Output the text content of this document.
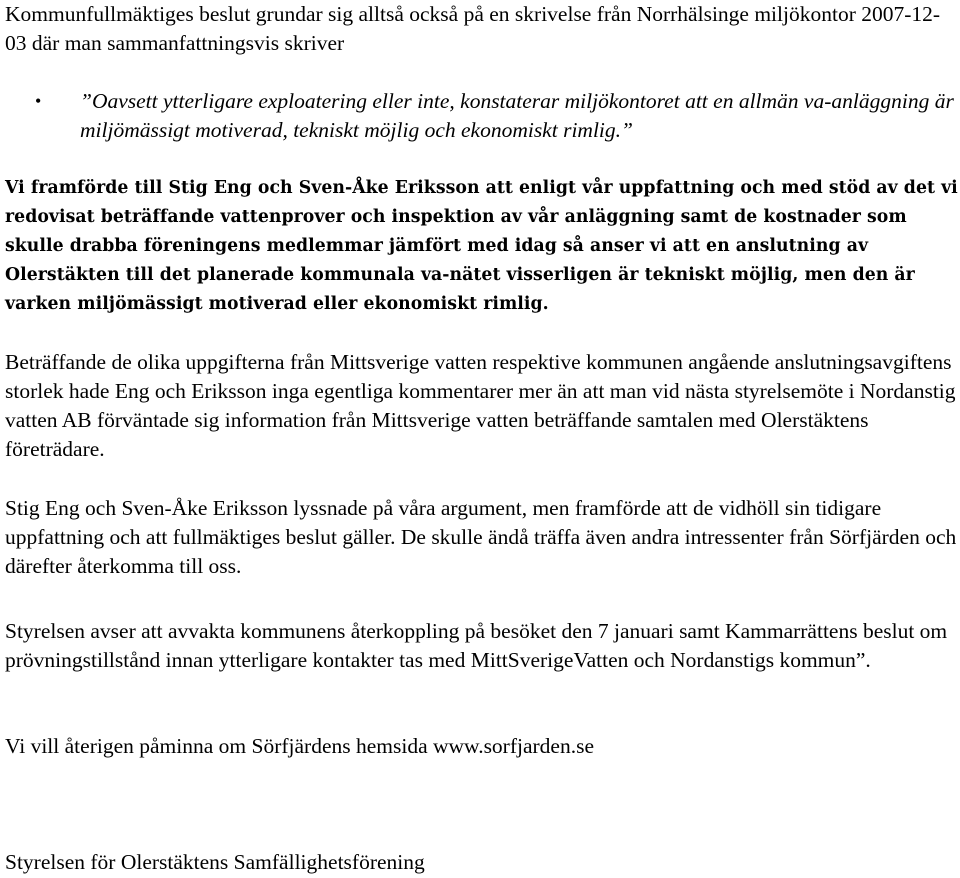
Kommunfullmäktiges beslut grundar sig alltså också på en skrivelse från Norrhälsinge miljökontor 2007-12-03 där man sammanfattningsvis skriver

• ”Oavsett ytterligare exploatering eller inte, konstaterar miljökontoret att en allmän va-anläggning är miljömässigt motiverad, tekniskt möjlig och ekonomiskt rimlig.”

Vi framförde till Stig Eng och Sven-Åke Eriksson att enligt vår uppfattning och med stöd av det vi redovisat beträffande vattenprover och inspektion av vår anläggning samt de kostnader som skulle drabba föreningens medlemmar jämfört med idag så anser vi att en anslutning av Olerstäkten till det planerade kommunala va-nätet visserligen är tekniskt möjlig, men den är varken miljömässigt motiverad eller ekonomiskt rimlig.

Beträffande de olika uppgifterna från Mittsverige vatten respektive kommunen angående anslutningsavgiftens storlek hade Eng och Eriksson inga egentliga kommentarer mer än att man vid nästa styrelsemöte i Nordanstig vatten AB förväntade sig information från Mittsverige vatten beträffande samtalen med Olerstäktens företrädare.

Stig Eng och Sven-Åke Eriksson lyssnade på våra argument, men framförde att de vidhöll sin tidigare uppfattning och att fullmäktiges beslut gäller. De skulle ändå träffa även andra intressenter från Sörfjärden och därefter återkomma till oss.

Styrelsen avser att avvakta kommunens återkoppling på besöket den 7 januari samt Kammarrättens beslut om prövningstillstånd innan ytterligare kontakter tas med MittSverigeVatten och Nordanstigs kommun”.

Vi vill återigen påminna om Sörfjärdens hemsida www.sorfjarden.se

Styrelsen för Olerstäktens Samfällighetsförening
